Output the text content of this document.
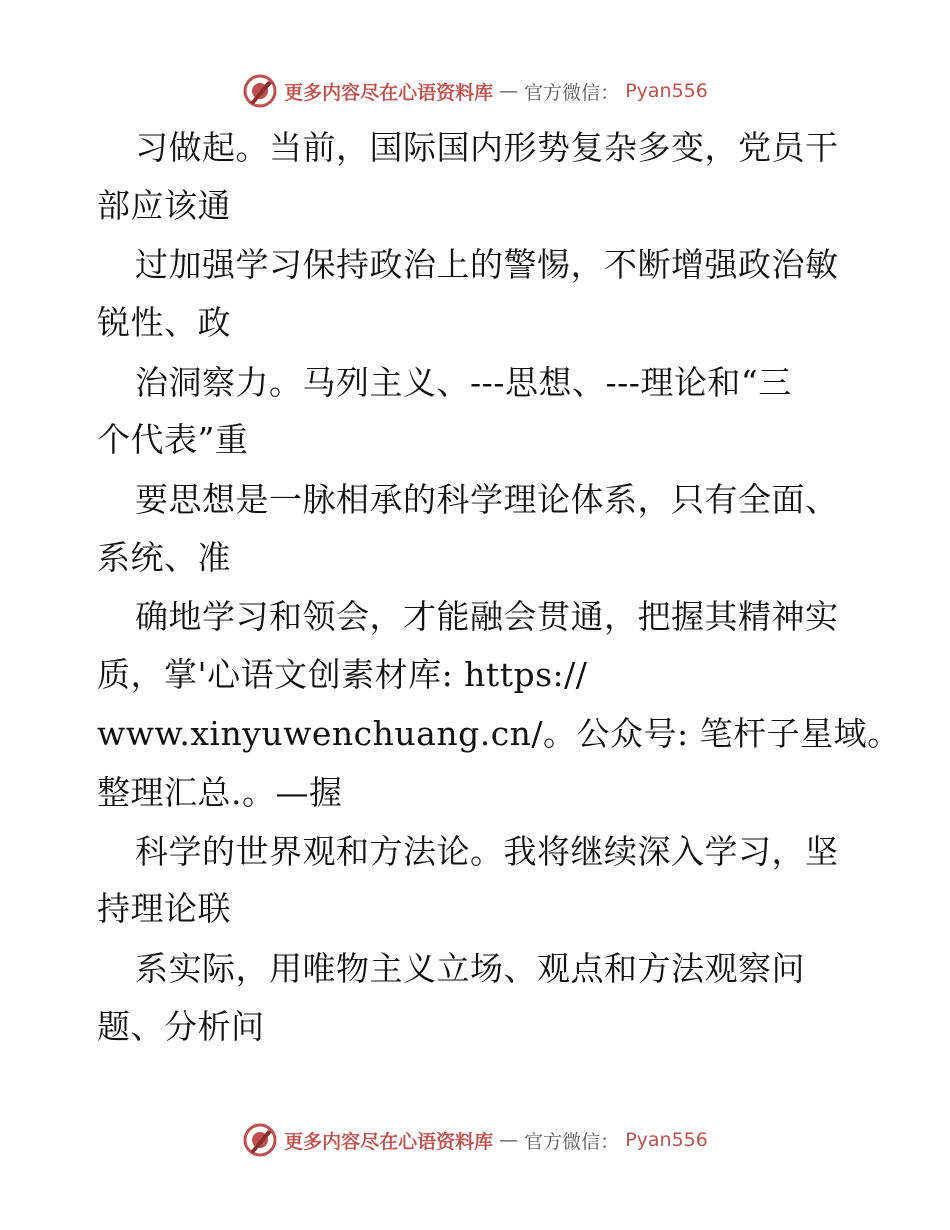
更多内容尽在心语资料库 — 官方微信： Pyan556
习做起。当前，国际国内形势复杂多变，党员干
部应该通
过加强学习保持政治上的警惕，不断增强政治敏
锐性、政
治洞察力。马列主义、---思想、---理论和“三
个代表”重
要思想是一脉相承的科学理论体系，只有全面、
系统、准
确地学习和领会，才能融会贯通，把握其精神实
质，掌'心语文创素材库: https://
www.xinyuwenchuang.cn/。公众号: 笔杆子星域。
整理汇总.。—握
科学的世界观和方法论。我将继续深入学习，坚
持理论联
系实际，用唯物主义立场、观点和方法观察问
题、分析问
更多内容尽在心语资料库 — 官方微信： Pyan556
